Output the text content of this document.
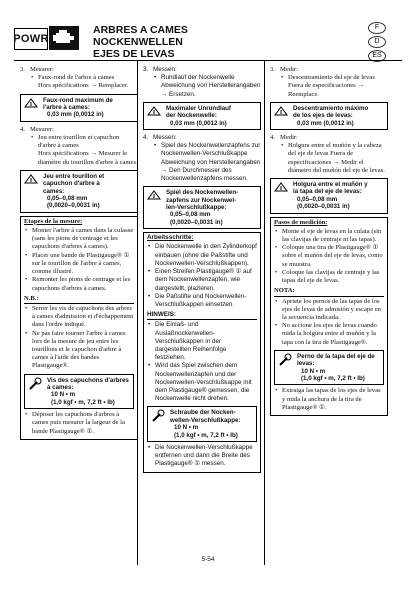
POWR
ARBRES A CAMES
NOCKENWELLEN
EJES DE LEVAS
F
D
ES
3. Mesurer:
• Faux-rond de l'arbre à cames
Hors spécifications → Remplacer.
Faux-rond maximum de
l'arbre à cames:
0,03 mm (0,0012 in)
4. Mesurer:
• Jeu entre tourillon et capuchon d'arbre à cames
Hors spécifications → Mesurer le diamètre du tourillon d'arbre à cames.
Jeu entre tourillon et
capuchon d'arbre à
cames:
0,05–0,08 mm
(0,0020–0,0031 in)
Etapes de la mesure:
• Monter l'arbre à cames dans la culasse (sans les pions de centrage et les capuchons d'arbres à cames).
• Placer une bande de Plastigauge® ① sur le tourillon de l'arbre à cames, comme illustré.
• Remonter les pions de centrage et les capuchons d'arbres à cames.
N.B.:
• Serrer les vis de capuchons des arbres à cames d'admission et d'échappement dans l'ordre indiqué.
• Ne pas faire tourner l'arbre à cames lors de la mesure de jeu entre les tourillons et le capuchon d'arbre à cames à l'aide des bandes Plastigauge®.
Vis des capuchons d'arbres
à cames:
10 N • m
(1,0 kgf • m, 7,2 ft • lb)
• Déposer les capuchons d'arbres à cames puis mesurer la largeur de la bande Plastigauge® ①.
3. Messen:
• Rundlauf der Nockenwelle Abweichung von Herstellerangaben → Ersetzen.
Maximaler Unrundlauf
der Nockenwelle:
0,03 mm (0,0012 in)
4. Messen:
• Spiel des Nockenwellenzapfens zur Nockenwellen-Verschlußkappe Abweichung von Herstellerangaben → Den Durchmesser des Nockenwellenzapfens messen.
Spiel des Nockenwellen-
zapfens zur Nockenwel-
len-Verschlußkappe:
0,05–0,08 mm
(0,0020–0,0031 in)
Arbeitsschritte:
• Die Nockenwelle in den Zylinderkopf einbauen (ohne die Paßstifte und Nockenwellen-Verschlußkappen).
• Einen Streifen Plastigauge® ① auf dem Nockenwellenzapfen, wie dargestellt, plazieren.
• Die Paßstifte und Nockenwellen-Verschlußkappen einsetzen.
HINWEIS:
• Die Einlaß- und Auslaßnockenwellen-Verschlußkappen in der dargestellten Reihenfolge festziehen.
• Wird das Spiel zwischen dem Nockenwellenzapfen und der Nockenwellen-Verschlußkappe mit dem Plastigauge® gemessen, die Nockenwelle nicht drehen.
Schraube der Nocken-
wellen-Verschlußkappe:
10 N • m
(1,0 kgf • m, 7,2 ft • lb)
• Die Nockenwellen-Verschlußkappe entfernen und dann die Breite des Plastigauge® ① messen.
3. Medir:
• Descentramiento del eje de levas Fuera de especificaciones → Reemplace.
Descentramiento máximo
de los ejes de levas:
0,03 mm (0,0012 in)
4. Medir:
• Holgura entre el muñón y la cabeza del eje de levas Fuera de especificaciones → Medir el diámetro del muñón del eje de levas.
Holgura entre el muñón y
la tapa del eje de levas:
0,05–0,08 mm
(0,0020–0,0031 in)
Pasos de medición:
• Monte el eje de levas en la culata (sin las clavijas de centraje ni las tapas).
• Coloque una tira de Plastigauge® ① sobre el muñón del eje de levas, como se muestra.
• Coloque las clavijas de centraje y las tapas del eje de levas.
NOTA:
• Apriete los pernos de las tapas de los ejes de levas de admisión y escape en la secuencia indicada.
• No accione los ejes de levas cuando mida la holgura entre el muñón y la tapa con la tira de Plastigauge®.
Perno de la tapa del eje de
levas:
10 N • m
(1,0 kgf • m, 7,2 ft • lb)
• Extraiga las tapas de los ejes de levas y mida la anchura de la tira de Plastigauge® ①.
5-54
